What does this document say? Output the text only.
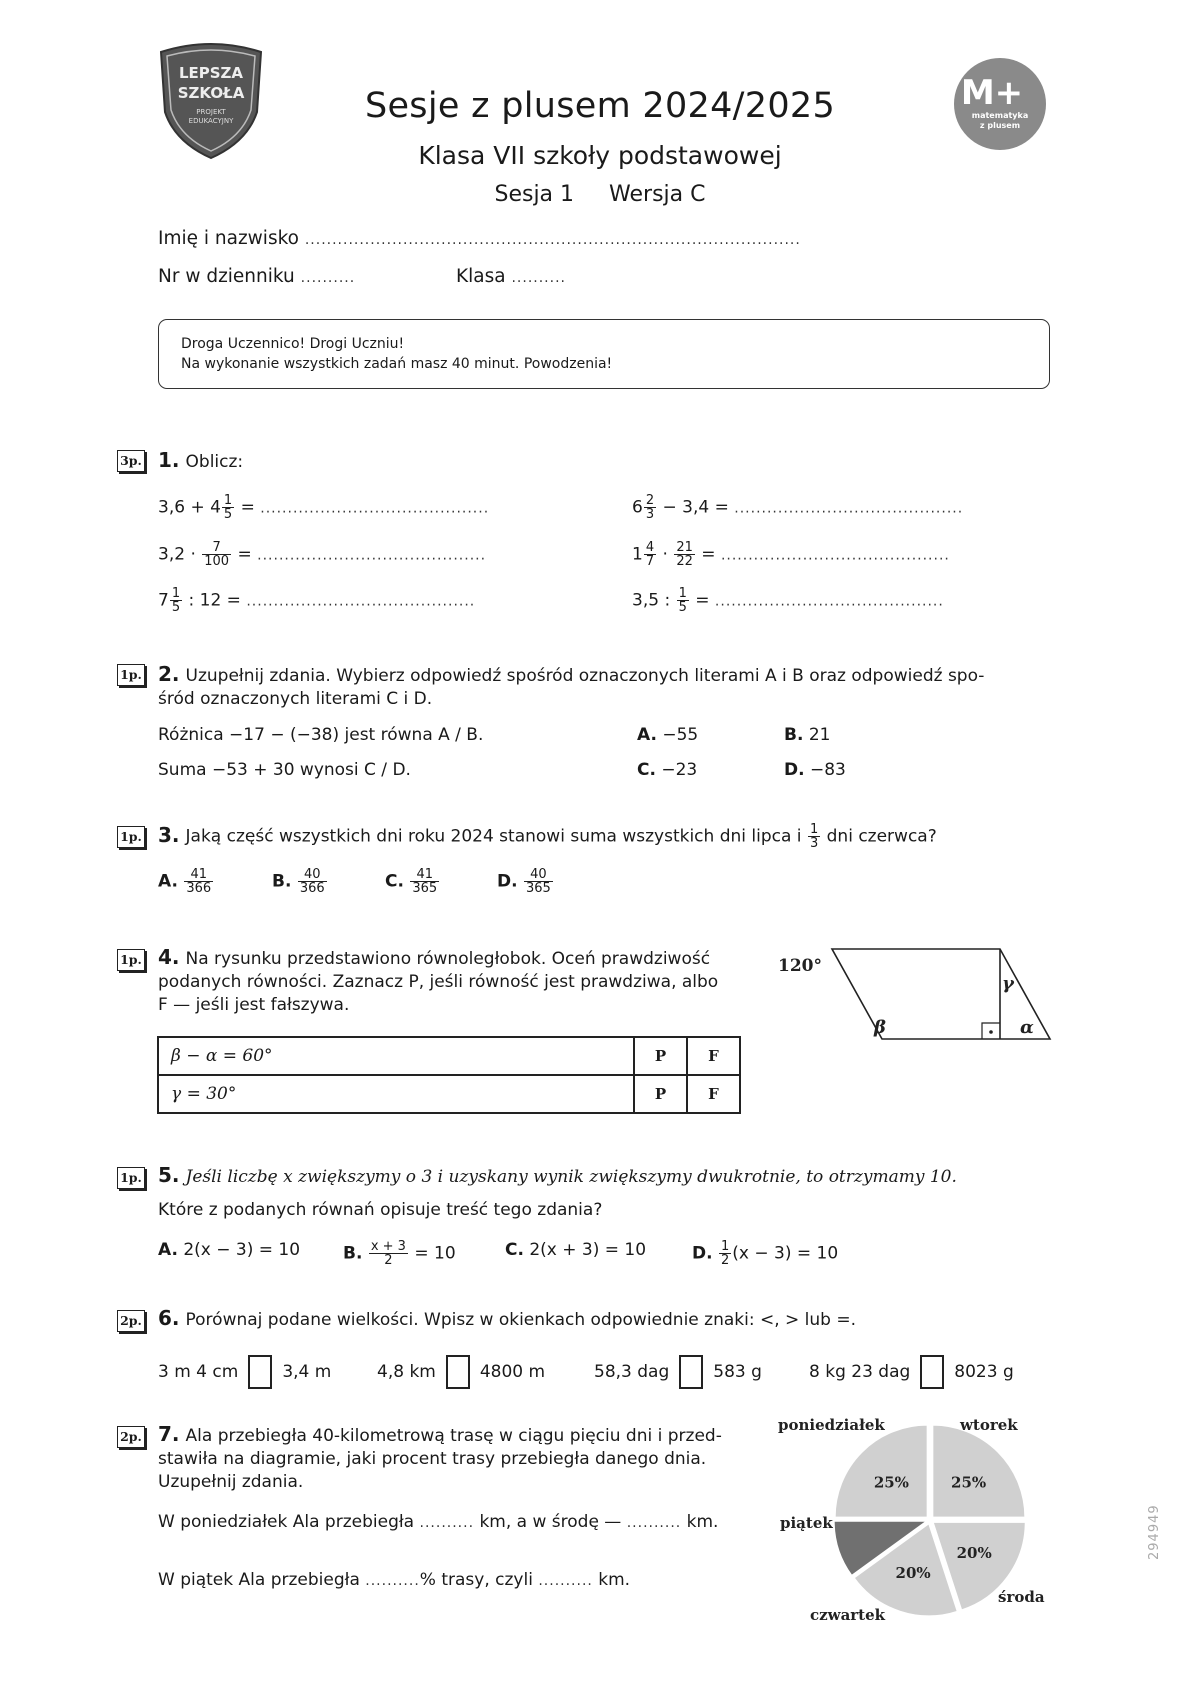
LEPSZA
SZKOŁA
PROJEKT
EDUKACYJNY
M+
matematyka
z plusem
Sesje z plusem 2024/2025
Klasa VII szkoły podstawowej
Sesja 1 Wersja C
Imię i nazwisko ...........................................................................................
Nr w dzienniku ..........	Klasa ..........
Droga Uczennico! Drogi Uczniu!
Na wykonanie wszystkich zadań masz 40 minut. Powodzenia!
3p. 1. Oblicz:
$3,6 + 4 \frac{1}{5}$ = ..........................................	$6 \frac{2}{3} - 3,4$ = ..........................................
$3,2 \cdot \frac{7}{100}$ = ..........................................	$1 \frac{4}{7} \cdot \frac{21}{22}$ = ..........................................
$7 \frac{1}{5}$ : 12 = ..........................................	3,5 : $\frac{1}{5}$ = ..........................................
1p. 2. Uzupełnij zdania. Wybierz odpowiedź spośród oznaczonych literami A i B oraz odpowiedź spo-
śród oznaczonych literami C i D.
Różnica −17 − (−38) jest równa A / B.	A. −55	B. 21
Suma −53 + 30 wynosi C / D.	C. −23	D. −83
1p. 3. Jaką część wszystkich dni roku 2024 stanowi suma wszystkich dni lipca i $\frac{1}{3}$ dni czerwca?
A. $\frac{41}{366}$	B. $\frac{40}{366}$	C. $\frac{41}{365}$	D. $\frac{40}{365}$
1p. 4. Na rysunku przedstawiono równoległobok. Oceń prawdziwość
podanych równości. Zaznacz P, jeśli równość jest prawdziwa, albo
F — jeśli jest fałszywa.
β − α = 60°	P	F
γ = 30°	P	F
120°
β
γ
α
1p. 5. Jeśli liczbę x zwiększymy o 3 i uzyskany wynik zwiększymy dwukrotnie, to otrzymamy 10.
Które z podanych równań opisuje treść tego zdania?
A. 2(x − 3) = 10	B. $\frac{x + 3}{2} = 10$	C. 2(x + 3) = 10	D. $\frac{1}{2} (x - 3) = 10$
2p. 6. Porównaj podane wielkości. Wpisz w okienkach odpowiednie znaki: <, > lub =.
3 m 4 cm	3,4 m	4,8 km	4800 m	58,3 dag	583 g	8 kg 23 dag	8023 g
2p. 7. Ala przebiegła 40-kilometrową trasę w ciągu pięciu dni i przed-
stawiła na diagramie, jaki procent trasy przebiegła danego dnia.
Uzupełnij zdania.
W poniedziałek Ala przebiegła .......... km, a w środę — .......... km.
W piątek Ala przebiegła ..........% trasy, czyli .......... km.
25%
wtorek
20%
środa
20%
czwartek
piątek
25%
poniedziałek
294949
